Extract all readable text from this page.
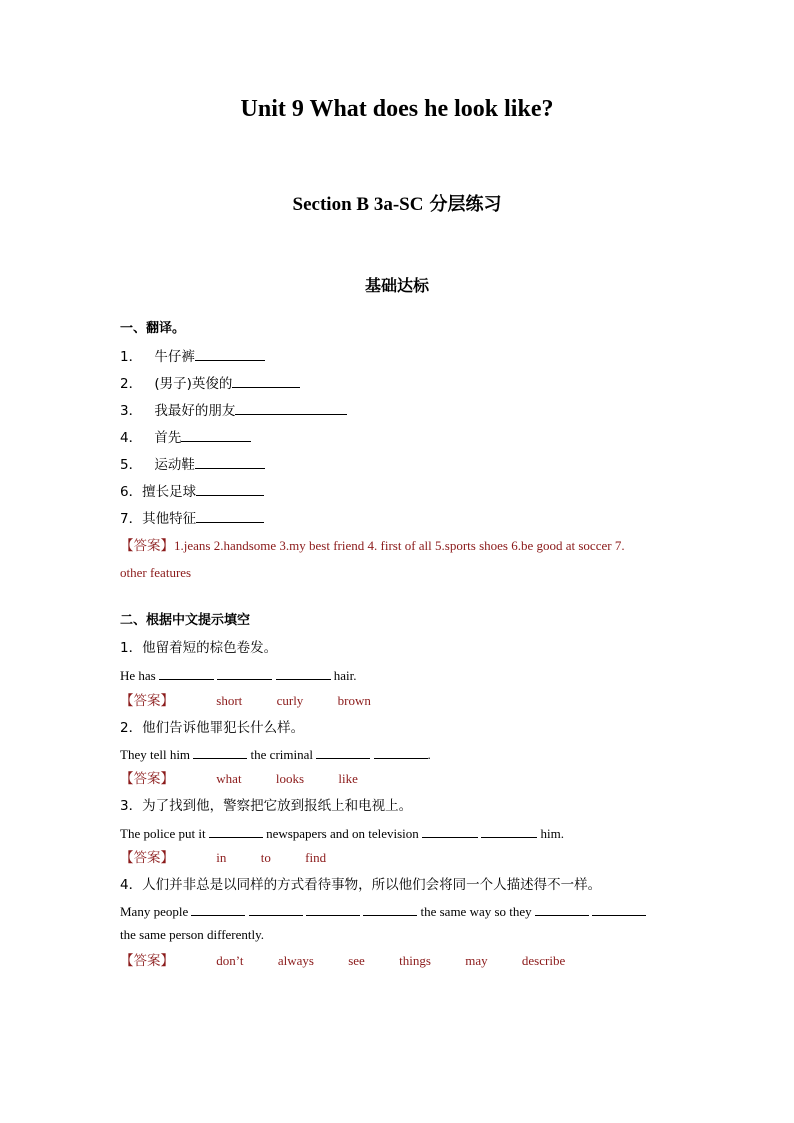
Unit 9 What does he look like?
Section B 3a-SC 分层练习
基础达标
一、翻译。
1． 牛仔裤
2． (男子)英俊的
3． 我最好的朋友
4． 首先
5． 运动鞋
6．擅长足球
7．其他特征
【答案】1.jeans 2.handsome 3.my best friend 4. first of all 5.sports shoes 6.be good at soccer 7.
other features
二、根据中文提示填空
1．他留着短的棕色卷发。
He has	hair.
【答案】	short	curly	brown
2．他们告诉他罪犯长什么样。
They tell him	the criminal	.
【答案】	what	looks	like
3．为了找到他，警察把它放到报纸上和电视上。
The police put it	newspapers and on television	him.
【答案】	in	to	find
4．人们并非总是以同样的方式看待事物，所以他们会将同一个人描述得不一样。
Many people	the same way so they
the same person differently.
【答案】	don’t	always	see	things	may	describe
